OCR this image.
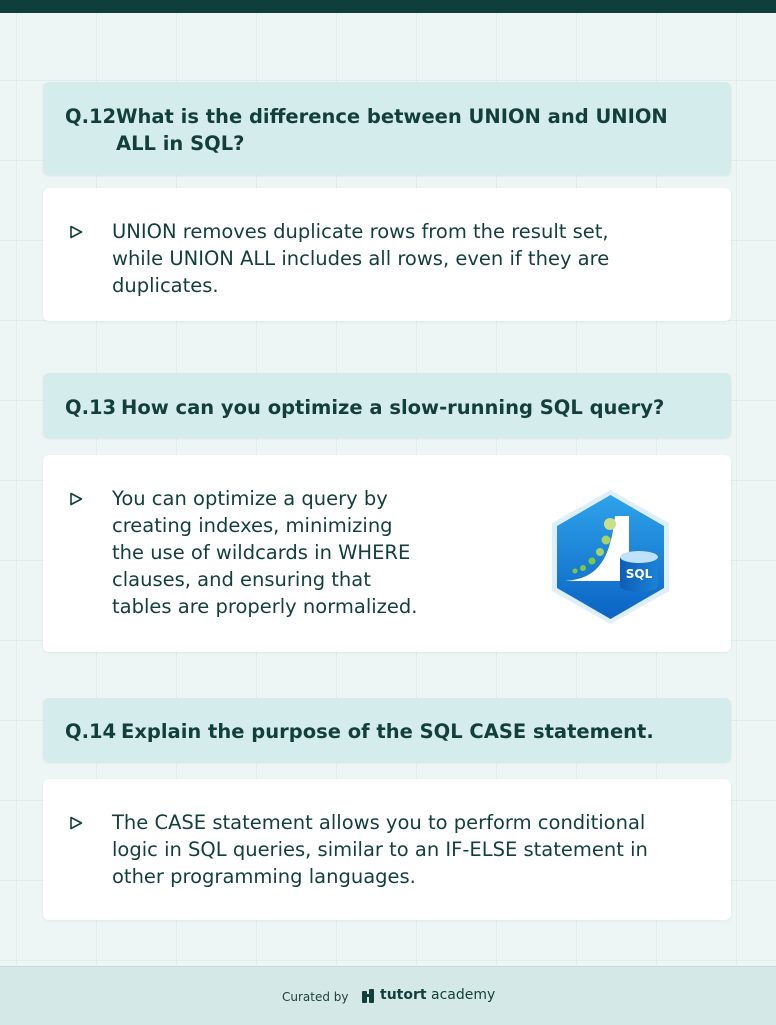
Q.12 What is the difference between UNION and UNION
ALL in SQL?
UNION removes duplicate rows from the result set,
while UNION ALL includes all rows, even if they are
duplicates.
Q.13 How can you optimize a slow-running SQL query?
You can optimize a query by
creating indexes, minimizing
the use of wildcards in WHERE
clauses, and ensuring that
tables are properly normalized.
SQL
Q.14 Explain the purpose of the SQL CASE statement.
The CASE statement allows you to perform conditional
logic in SQL queries, similar to an IF-ELSE statement in
other programming languages.
Curated by tutort academy
